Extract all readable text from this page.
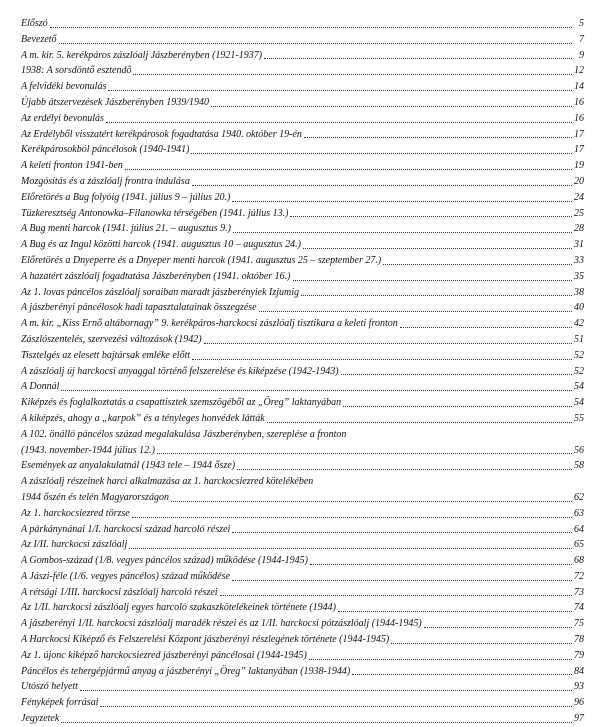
Előszó	5
Bevezető	7
A m. kir. 5. kerékpáros zászlóalj Jászberényben (1921-1937)	9
1938: A sorsdöntő esztendő	12
A felvidéki bevonulás	14
Újabb átszervezések Jászberényben 1939/1940	16
Az erdélyi bevonulás	16
Az Erdélyből visszatért kerékpárosok fogadtatása 1940. október 19-én	17
Kerékpárosokból páncélosok (1940-1941)	17
A keleti fronton 1941-ben	19
Mozgósítás és a zászlóalj frontra indulása	20
Előretörés a Bug folyóig (1941. július 9 – július 20.)	24
Tüzkeresztség Antonowka–Filanowka térségében (1941. július 13.)	25
A Bug menti harcok (1941. július 21. – augusztus 9.)	28
A Bug és az Ingul közötti harcok (1941. augusztus 10 – augusztus 24.)	31
Előretörés a Dnyeperre és a Dnyeper menti harcok (1941. augusztus 25 – szeptember 27.)	33
A hazatért zászlóalj fogadtatása Jászberényben (1941. október 16.)	35
Az 1. lovas páncélos zászlóalj soraiban maradt jászberényiek Izjumig	38
A jászberényi páncélosok hadi tapasztalatainak összegzése	40
A m. kir. „Kiss Ernő altábornagy” 9. kerékpáros-harckocsi zászlóalj tisztikara a keleti fronton	42
Zászlószentelés, szervezési változások (1942)	51
Tisztelgés az elesett bajtársak emléke előtt	52
A zászlóalj új harckocsi anyaggal történő felszerelése és kiképzése (1942-1943)	52
A Donnál	54
Kiképzés és foglalkoztatás a csapattisztek szemszögéből az „Öreg” laktanyában	54
A kiképzés, ahogy a „karpok” és a tényleges honvédek látták	55
A 102. önálló páncélos század megalakulása Jászberényben, szereplése a fronton
(1943. november-1944 július 12.)	56
Események az anyalakulatnál (1943 tele – 1944 ősze)	58
A zászlóalj részeinek harci alkalmazása az 1. harckocsiezred kötelékében
1944 őszén és telén Magyarországon	62
Az 1. harckocsiezred törzse	63
A párkánynánai 1/I. harckocsi század harcoló részei	64
Az I/II. harckocsi zászlóalj	65
A Gombos-század (1/8. vegyes páncélos század) működése (1944-1945)	68
A Jászi-féle (1/6. vegyes páncélos) század működése	72
A rétsági 1/III. harckocsi zászlóalj harcoló részei	73
Az 1/II. harckocsi zászlóalj egyes harcoló szakaszkötelékeinek története (1944)	74
A jászberényi 1/II. harckocsi zászlóalj maradék részei és az 1/II. harckocsi pótzászlóalj (1944-1945)	75
A Harckocsi Kiképző és Felszerelési Központ jászberényi részlegének története (1944-1945)	78
Az 1. újonc kiképző harckocsiezred jászberényi páncélosai (1944-1945)	79
Páncélos és tehergépjármű anyag a jászberényi „Öreg” laktanyában (1938-1944)	84
Utószó helyett	93
Fényképek forrásai	96
Jegyzetek	97
